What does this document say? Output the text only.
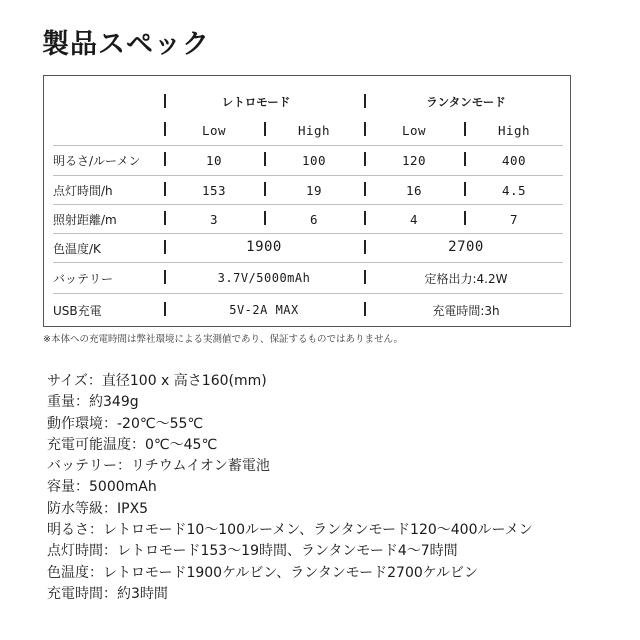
製品スペック
レトロモード	ランタンモード
Low	High	Low	High
明るさ/ルーメン	10	100	120	400
点灯時間/h	153	19	16	4.5
照射距離/m	3	6	4	7
色温度/K	1900	2700
バッテリー	3.7V/5000mAh	定格出力:4.2W
USB充電	5V-2A MAX	充電時間:3h
※本体への充電時間は弊社環境による実測値であり、保証するものではありません。
サイズ：直径100 x 高さ160(mm)
重量：約349g
動作環境：-20℃〜55℃
充電可能温度：0℃〜45℃
バッテリー：リチウムイオン蓄電池
容量：5000mAh
防水等級：IPX5
明るさ：レトロモード10〜100ルーメン、ランタンモード120〜400ルーメン
点灯時間：レトロモード153〜19時間、ランタンモード4〜7時間
色温度：レトロモード1900ケルビン、ランタンモード2700ケルビン
充電時間：約3時間
